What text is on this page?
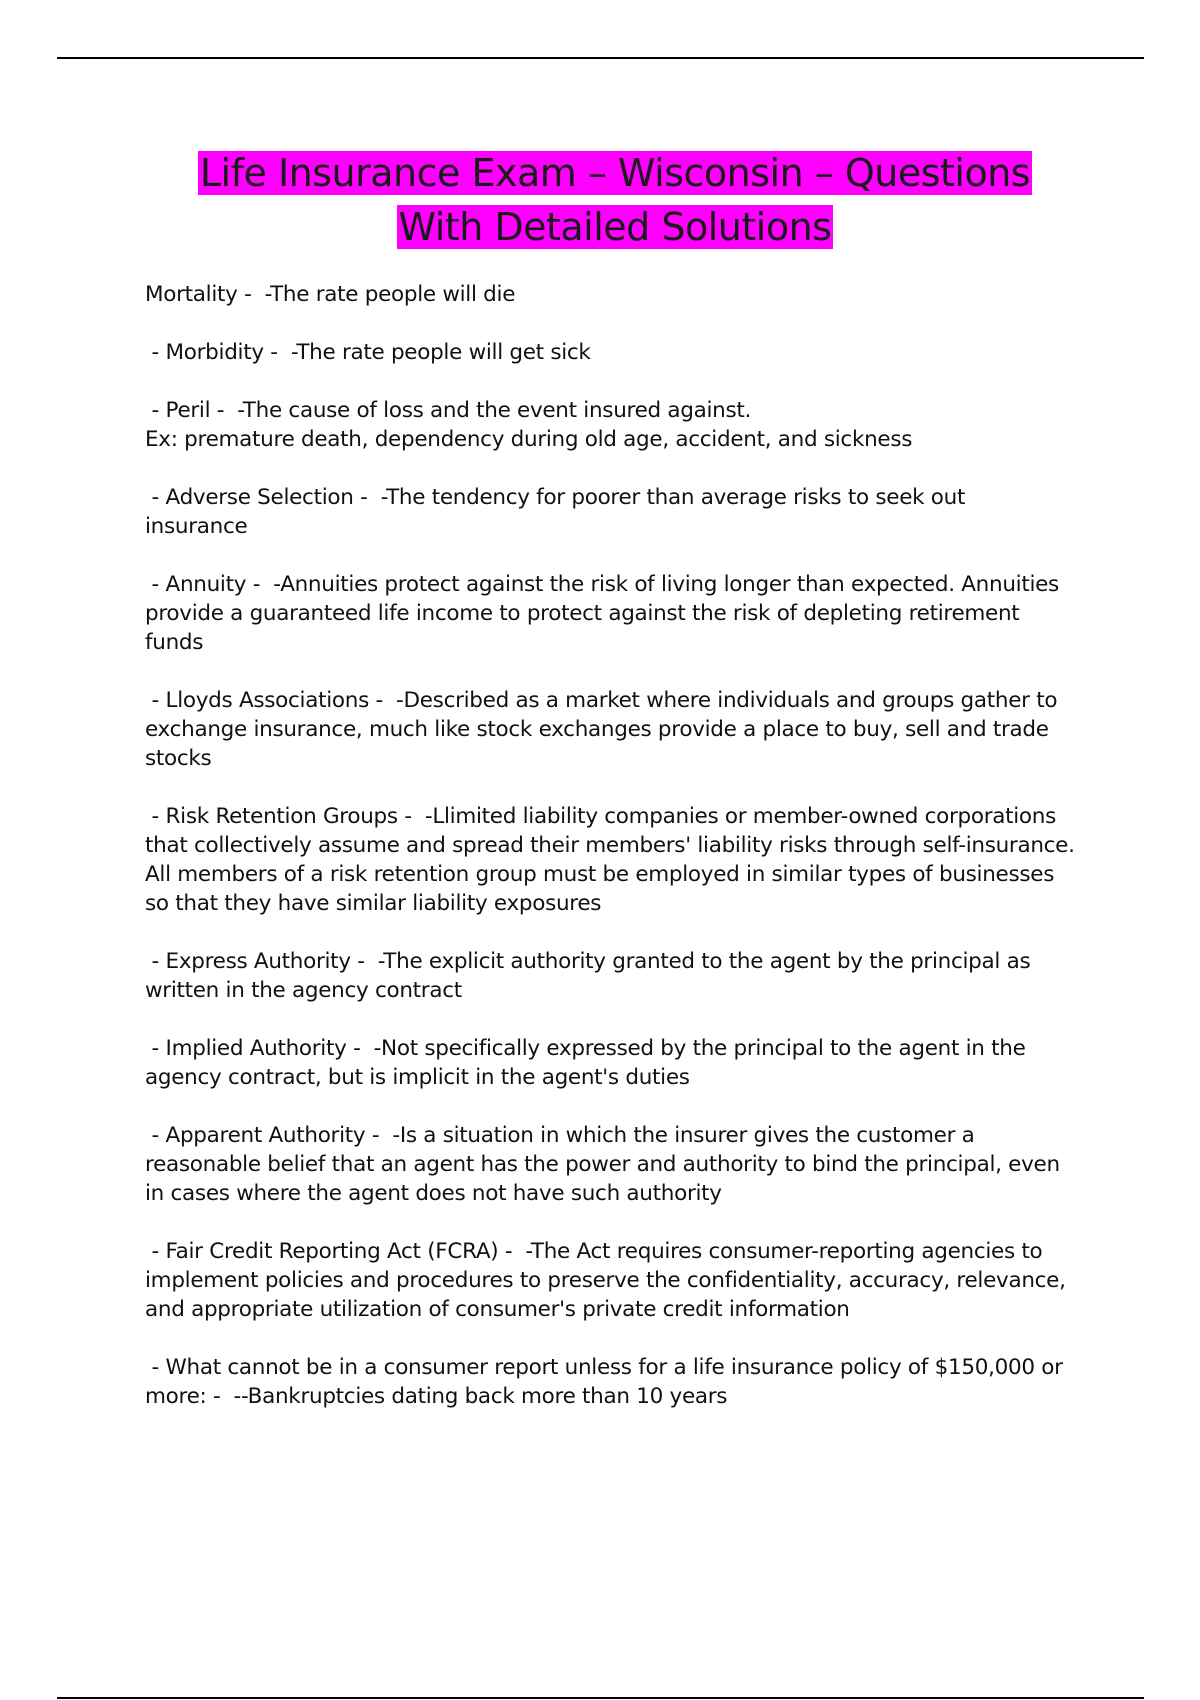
Life Insurance Exam – Wisconsin – Questions
With Detailed Solutions
Mortality -  -The rate people will die
- Morbidity -  -The rate people will get sick
- Peril -  -The cause of loss and the event insured against.
Ex: premature death, dependency during old age, accident, and sickness
- Adverse Selection -  -The tendency for poorer than average risks to seek out
insurance
- Annuity -  -Annuities protect against the risk of living longer than expected. Annuities
provide a guaranteed life income to protect against the risk of depleting retirement
funds
- Lloyds Associations -  -Described as a market where individuals and groups gather to
exchange insurance, much like stock exchanges provide a place to buy, sell and trade
stocks
- Risk Retention Groups -  -Llimited liability companies or member-owned corporations
that collectively assume and spread their members' liability risks through self-insurance.
All members of a risk retention group must be employed in similar types of businesses
so that they have similar liability exposures
- Express Authority -  -The explicit authority granted to the agent by the principal as
written in the agency contract
- Implied Authority -  -Not specifically expressed by the principal to the agent in the
agency contract, but is implicit in the agent's duties
- Apparent Authority -  -Is a situation in which the insurer gives the customer a
reasonable belief that an agent has the power and authority to bind the principal, even
in cases where the agent does not have such authority
- Fair Credit Reporting Act (FCRA) -  -The Act requires consumer-reporting agencies to
implement policies and procedures to preserve the confidentiality, accuracy, relevance,
and appropriate utilization of consumer's private credit information
- What cannot be in a consumer report unless for a life insurance policy of $150,000 or
more: -  --Bankruptcies dating back more than 10 years
